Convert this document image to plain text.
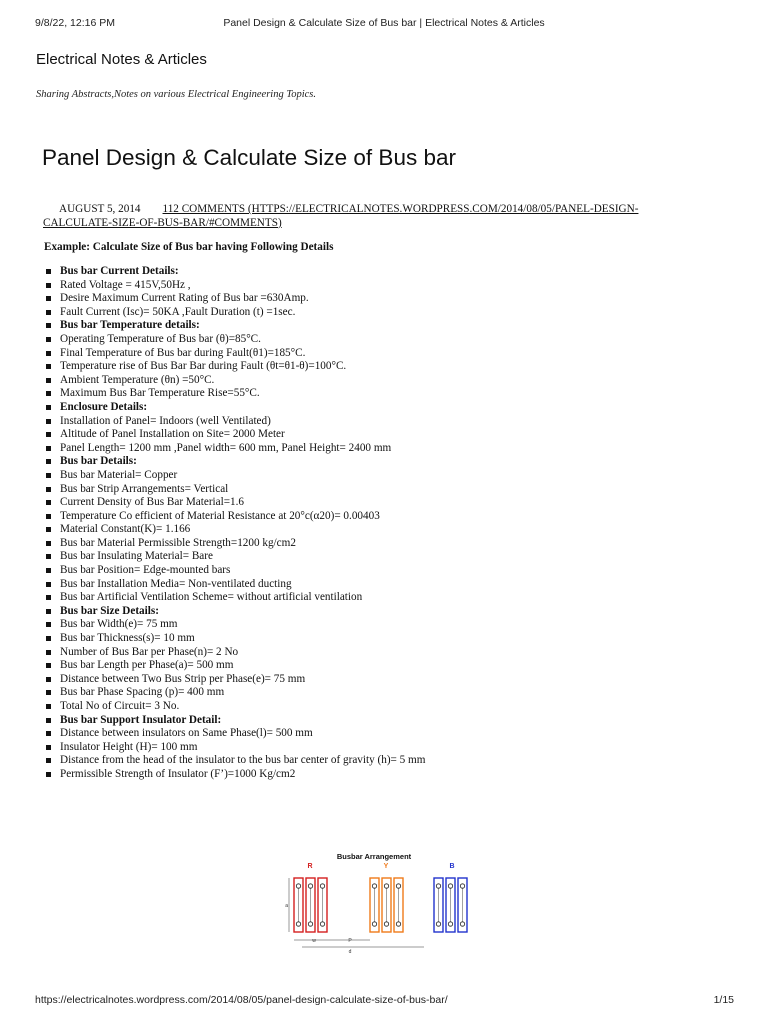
9/8/22, 12:16 PM	Panel Design & Calculate Size of Bus bar | Electrical Notes & Articles
Electrical Notes & Articles

Sharing Abstracts,Notes on various Electrical Engineering Topics.

Panel Design & Calculate Size of Bus bar
AUGUST 5, 2014 112 COMMENTS (HTTPS://ELECTRICALNOTES.WORDPRESS.COM/2014/08/05/PANEL-DESIGN-CALCULATE-SIZE-OF-BUS-BAR/#COMMENTS)

Example: Calculate Size of Bus bar having Following Details

Bus bar Current Details:
Rated Voltage = 415V,50Hz ,
Desire Maximum Current Rating of Bus bar =630Amp.
Fault Current (Isc)= 50KA ,Fault Duration (t) =1sec.
Bus bar Temperature details:
Operating Temperature of Bus bar (θ)=85°C.
Final Temperature of Bus bar during Fault(θ1)=185°C.
Temperature rise of Bus Bar Bar during Fault (θt=θ1-θ)=100°C.
Ambient Temperature (θn) =50°C.
Maximum Bus Bar Temperature Rise=55°C.
Enclosure Details:
Installation of Panel= Indoors (well Ventilated)
Altitude of Panel Installation on Site= 2000 Meter
Panel Length= 1200 mm ,Panel width= 600 mm, Panel Height= 2400 mm
Bus bar Details:
Bus bar Material= Copper
Bus bar Strip Arrangements= Vertical
Current Density of Bus Bar Material=1.6
Temperature Co efficient of Material Resistance at 20°c(α20)= 0.00403
Material Constant(K)= 1.166
Bus bar Material Permissible Strength=1200 kg/cm2
Bus bar Insulating Material= Bare
Bus bar Position= Edge-mounted bars
Bus bar Installation Media= Non-ventilated ducting
Bus bar Artificial Ventilation Scheme= without artificial ventilation
Bus bar Size Details:
Bus bar Width(e)= 75 mm
Bus bar Thickness(s)= 10 mm
Number of Bus Bar per Phase(n)= 2 No
Bus bar Length per Phase(a)= 500 mm
Distance between Two Bus Strip per Phase(e)= 75 mm
Bus bar Phase Spacing (p)= 400 mm
Total No of Circuit= 3 No.
Bus bar Support Insulator Detail:
Distance between insulators on Same Phase(l)= 500 mm
Insulator Height (H)= 100 mm
Distance from the head of the insulator to the bus bar center of gravity (h)= 5 mm
Permissible Strength of Insulator (F’)=1000 Kg/cm2
Busbar Arrangement
R	Y	B
a
w	P
d
https://electricalnotes.wordpress.com/2014/08/05/panel-design-calculate-size-of-bus-bar/	1/15
